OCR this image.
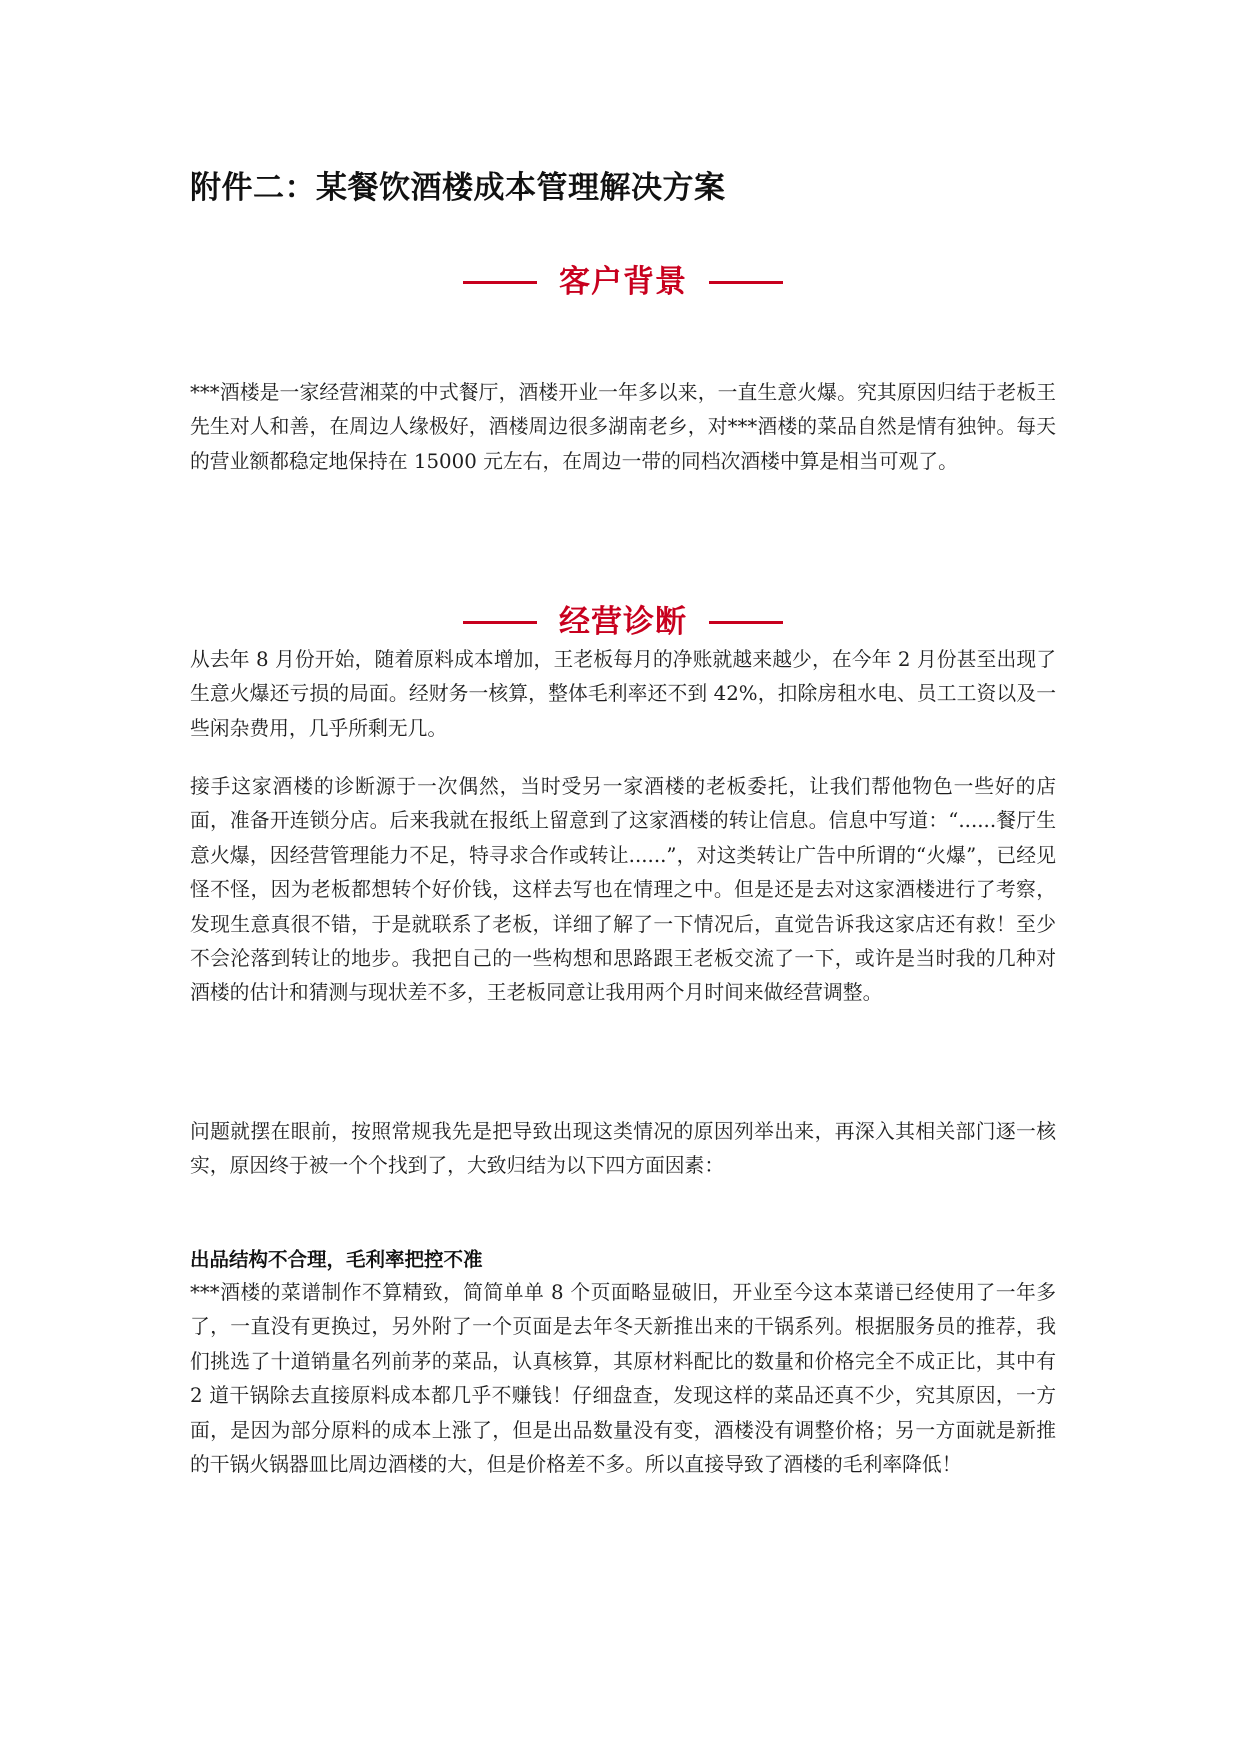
附件二：某餐饮酒楼成本管理解决方案
客户背景

***酒楼是一家经营湘菜的中式餐厅，酒楼开业一年多以来，一直生意火爆。究其原因归结于老板王先生对人和善，在周边人缘极好，酒楼周边很多湖南老乡，对***酒楼的菜品自然是情有独钟。每天的营业额都稳定地保持在 15000 元左右，在周边一带的同档次酒楼中算是相当可观了。

经营诊断

从去年 8 月份开始，随着原料成本增加，王老板每月的净账就越来越少，在今年 2 月份甚至出现了生意火爆还亏损的局面。经财务一核算，整体毛利率还不到 42%，扣除房租水电、员工工资以及一些闲杂费用，几乎所剩无几。

接手这家酒楼的诊断源于一次偶然，当时受另一家酒楼的老板委托，让我们帮他物色一些好的店面，准备开连锁分店。后来我就在报纸上留意到了这家酒楼的转让信息。信息中写道：“......餐厅生意火爆，因经营管理能力不足，特寻求合作或转让......”，对这类转让广告中所谓的“火爆”，已经见怪不怪，因为老板都想转个好价钱，这样去写也在情理之中。但是还是去对这家酒楼进行了考察，发现生意真很不错，于是就联系了老板，详细了解了一下情况后，直觉告诉我这家店还有救！至少不会沦落到转让的地步。我把自己的一些构想和思路跟王老板交流了一下，或许是当时我的几种对酒楼的估计和猜测与现状差不多，王老板同意让我用两个月时间来做经营调整。

问题就摆在眼前，按照常规我先是把导致出现这类情况的原因列举出来，再深入其相关部门逐一核实，原因终于被一个个找到了，大致归结为以下四方面因素：

出品结构不合理，毛利率把控不准

***酒楼的菜谱制作不算精致，简简单单 8 个页面略显破旧，开业至今这本菜谱已经使用了一年多了，一直没有更换过，另外附了一个页面是去年冬天新推出来的干锅系列。根据服务员的推荐，我们挑选了十道销量名列前茅的菜品，认真核算，其原材料配比的数量和价格完全不成正比，其中有 2 道干锅除去直接原料成本都几乎不赚钱！仔细盘查，发现这样的菜品还真不少，究其原因，一方面，是因为部分原料的成本上涨了，但是出品数量没有变，酒楼没有调整价格；另一方面就是新推的干锅火锅器皿比周边酒楼的大，但是价格差不多。所以直接导致了酒楼的毛利率降低！
